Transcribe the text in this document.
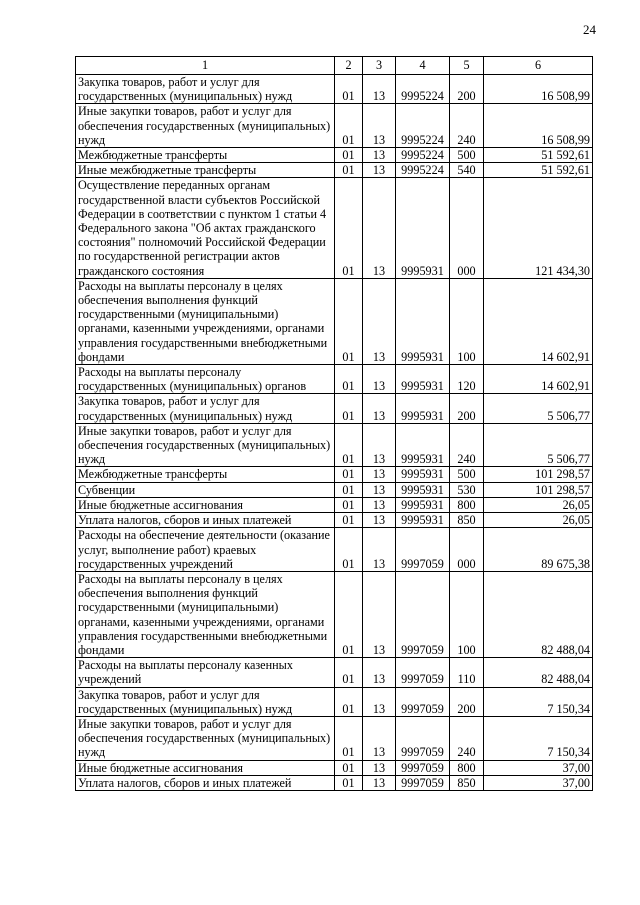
24
1	2	3	4	5	6
Закупка товаров, работ и услуг для государственных (муниципальных) нужд	01	13	9995224	200	16 508,99
Иные закупки товаров, работ и услуг для обеспечения государственных (муниципальных) нужд	01	13	9995224	240	16 508,99
Межбюджетные трансферты	01	13	9995224	500	51 592,61
Иные межбюджетные трансферты	01	13	9995224	540	51 592,61
Осуществление переданных органам государственной власти субъектов Российской Федерации в соответствии с пунктом 1 статьи 4 Федерального закона "Об актах гражданского состояния" полномочий Российской Федерации по государственной регистрации актов гражданского состояния	01	13	9995931	000	121 434,30
Расходы на выплаты персоналу в целях обеспечения выполнения функций государственными (муниципальными) органами, казенными учреждениями, органами управления государственными внебюджетными фондами	01	13	9995931	100	14 602,91
Расходы на выплаты персоналу государственных (муниципальных) органов	01	13	9995931	120	14 602,91
Закупка товаров, работ и услуг для государственных (муниципальных) нужд	01	13	9995931	200	5 506,77
Иные закупки товаров, работ и услуг для обеспечения государственных (муниципальных) нужд	01	13	9995931	240	5 506,77
Межбюджетные трансферты	01	13	9995931	500	101 298,57
Субвенции	01	13	9995931	530	101 298,57
Иные бюджетные ассигнования	01	13	9995931	800	26,05
Уплата налогов, сборов и иных платежей	01	13	9995931	850	26,05
Расходы на обеспечение деятельности (оказание услуг, выполнение работ) краевых государственных учреждений	01	13	9997059	000	89 675,38
Расходы на выплаты персоналу в целях обеспечения выполнения функций государственными (муниципальными) органами, казенными учреждениями, органами управления государственными внебюджетными фондами	01	13	9997059	100	82 488,04
Расходы на выплаты персоналу казенных учреждений	01	13	9997059	110	82 488,04
Закупка товаров, работ и услуг для государственных (муниципальных) нужд	01	13	9997059	200	7 150,34
Иные закупки товаров, работ и услуг для обеспечения государственных (муниципальных) нужд	01	13	9997059	240	7 150,34
Иные бюджетные ассигнования	01	13	9997059	800	37,00
Уплата налогов, сборов и иных платежей	01	13	9997059	850	37,00
